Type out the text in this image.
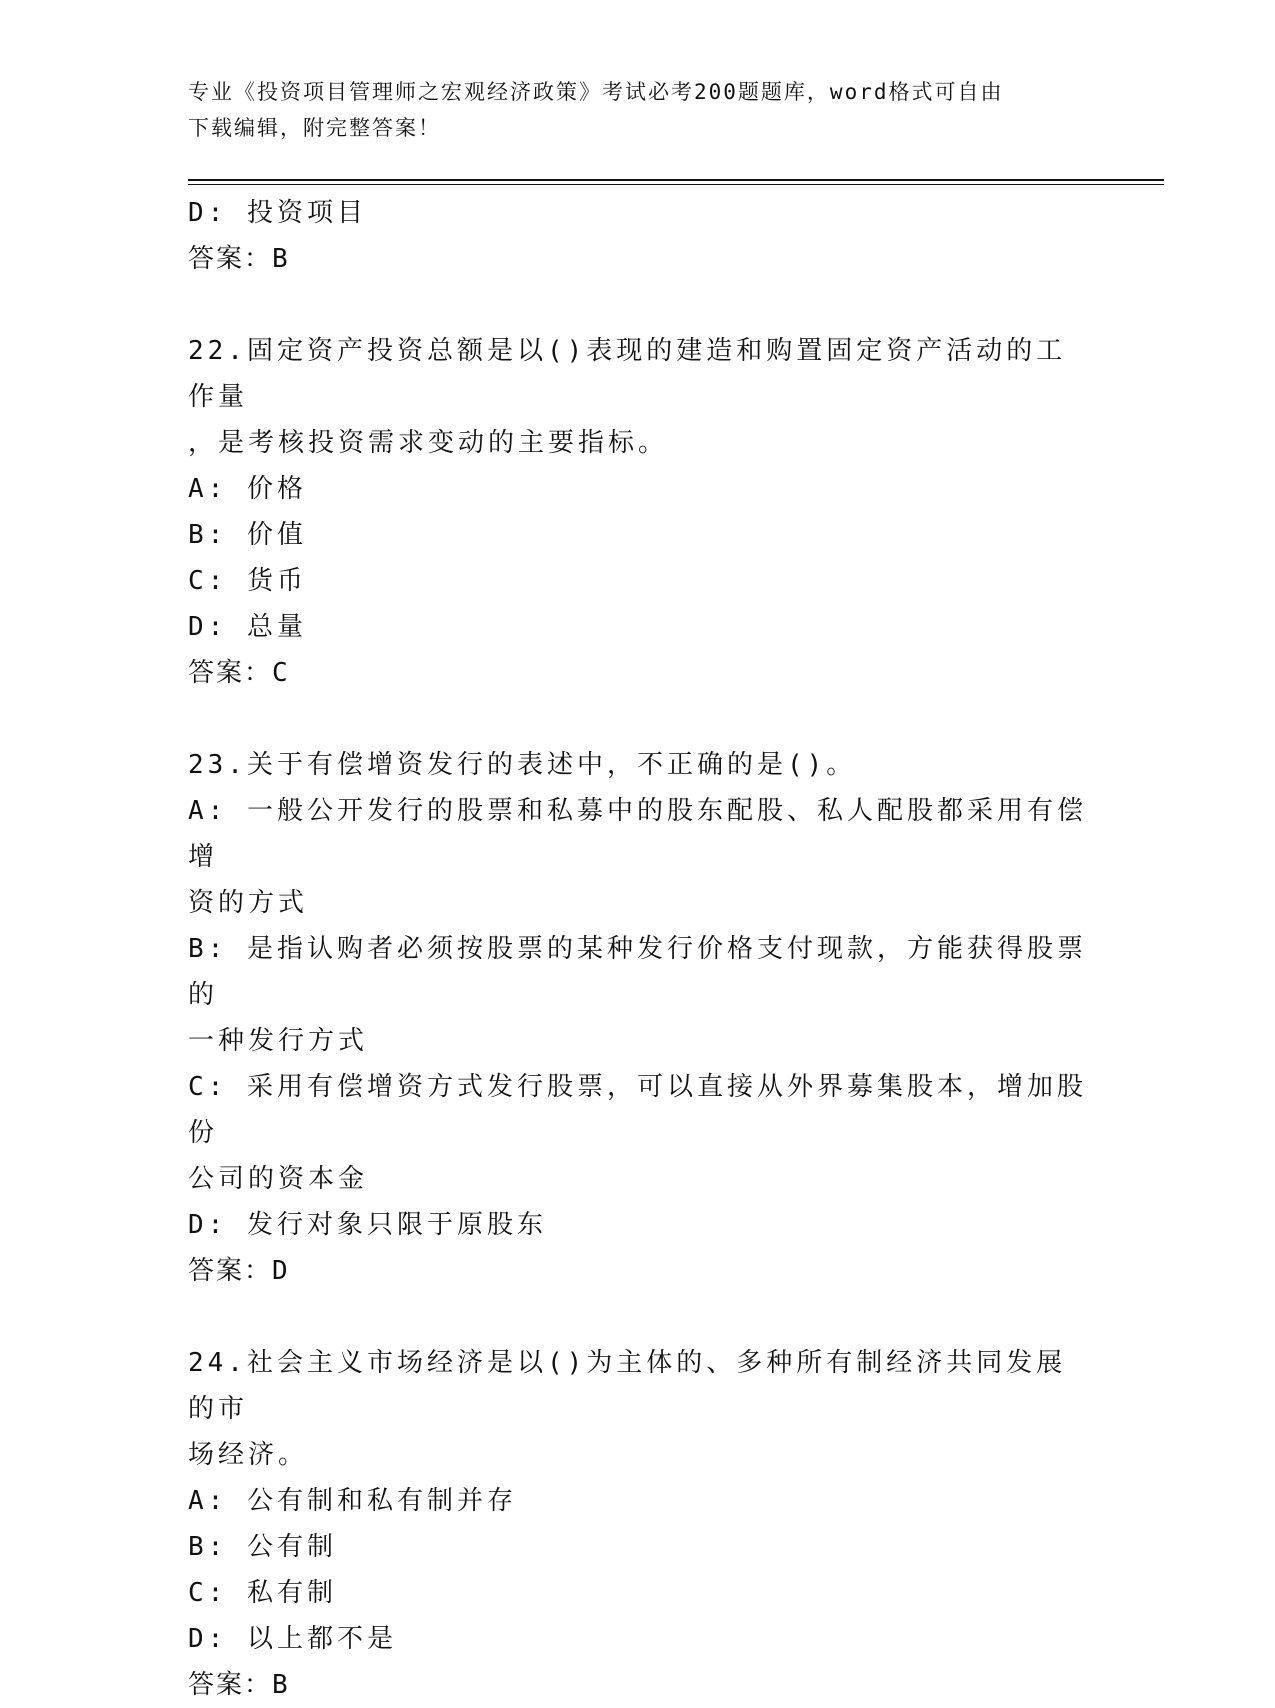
专业《投资项目管理师之宏观经济政策》考试必考200题题库，word格式可自由
下载编辑，附完整答案！
D: 投资项目
答案：B
22.固定资产投资总额是以()表现的建造和购置固定资产活动的工作量
，是考核投资需求变动的主要指标。
A: 价格
B: 价值
C: 货币
D: 总量
答案：C
23.关于有偿增资发行的表述中，不正确的是()。
A: 一般公开发行的股票和私募中的股东配股、私人配股都采用有偿增
资的方式
B: 是指认购者必须按股票的某种发行价格支付现款，方能获得股票的
一种发行方式
C: 采用有偿增资方式发行股票，可以直接从外界募集股本，增加股份
公司的资本金
D: 发行对象只限于原股东
答案：D
24.社会主义市场经济是以()为主体的、多种所有制经济共同发展的市
场经济。
A: 公有制和私有制并存
B: 公有制
C: 私有制
D: 以上都不是
答案：B
